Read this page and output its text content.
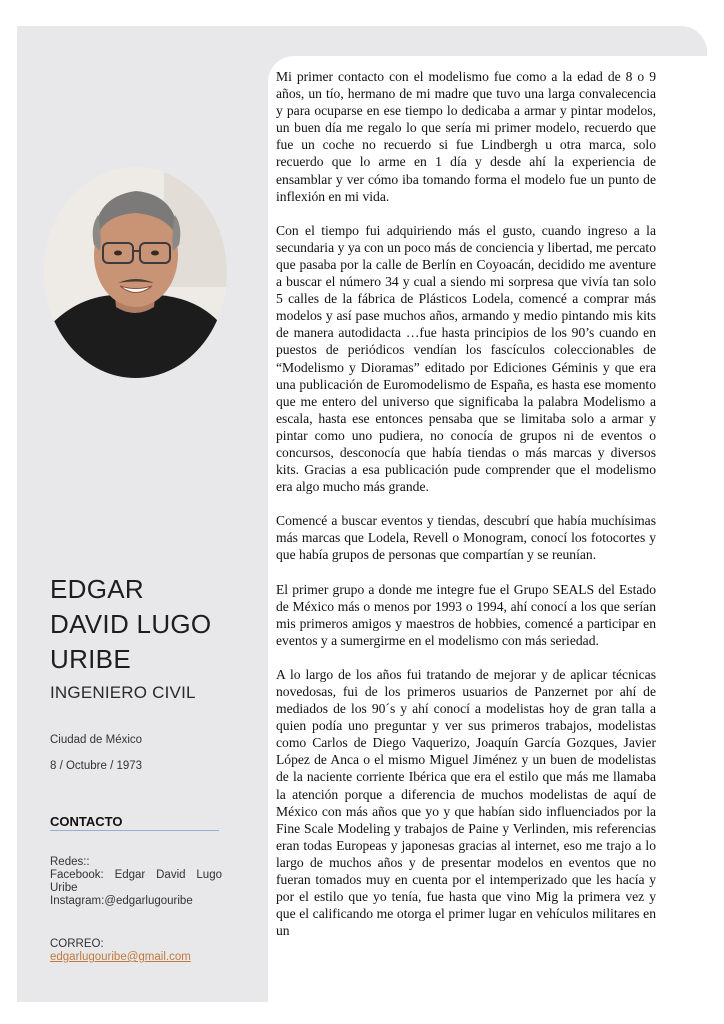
EDGAR
DAVID LUGO
URIBE
INGENIERO CIVIL
Ciudad de México
8 / Octubre / 1973
CONTACTO
Redes::
Facebook: Edgar David Lugo Uribe
Instagram:@edgarlugouribe
CORREO:
edgarlugouribe@gmail.com

Mi primer contacto con el modelismo fue como a la edad de 8 o 9 años, un tío, hermano de mi madre que tuvo una larga convalecencia y para ocuparse en ese tiempo lo dedicaba a armar y pintar modelos, un buen día me regalo lo que sería mi primer modelo, recuerdo que fue un coche no recuerdo si fue Lindbergh u otra marca, solo recuerdo que lo arme en 1 día y desde ahí la experiencia de ensamblar y ver cómo iba tomando forma el modelo fue un punto de inflexión en mi vida.

Con el tiempo fui adquiriendo más el gusto, cuando ingreso a la secundaria y ya con un poco más de conciencia y libertad, me percato que pasaba por la calle de Berlín en Coyoacán, decidido me aventure a buscar el número 34 y cual a siendo mi sorpresa que vivía tan solo 5 calles de la fábrica de Plásticos Lodela, comencé a comprar más modelos y así pase muchos años, armando y medio pintando mis kits de manera autodidacta …fue hasta principios de los 90’s cuando en puestos de periódicos vendían los fascículos coleccionables de “Modelismo y Dioramas” editado por Ediciones Géminis y que era una publicación de Euromodelismo de España, es hasta ese momento que me entero del universo que significaba la palabra Modelismo a escala, hasta ese entonces pensaba que se limitaba solo a armar y pintar como uno pudiera, no conocía de grupos ni de eventos o concursos, desconocía que había tiendas o más marcas y diversos kits. Gracias a esa publicación pude comprender que el modelismo era algo mucho más grande.

Comencé a buscar eventos y tiendas, descubrí que había muchísimas más marcas que Lodela, Revell o Monogram, conocí los fotocortes y que había grupos de personas que compartían y se reunían.

El primer grupo a donde me integre fue el Grupo SEALS del Estado de México más o menos por 1993 o 1994, ahí conocí a los que serían mis primeros amigos y maestros de hobbies, comencé a participar en eventos y a sumergirme en el modelismo con más seriedad.

A lo largo de los años fui tratando de mejorar y de aplicar técnicas novedosas, fui de los primeros usuarios de Panzernet por ahí de mediados de los 90´s y ahí conocí a modelistas hoy de gran talla a quien podía uno preguntar y ver sus primeros trabajos, modelistas como Carlos de Diego Vaquerizo, Joaquín García Gozques, Javier López de Anca o el mismo Miguel Jiménez y un buen de modelistas de la naciente corriente Ibérica que era el estilo que más me llamaba la atención porque a diferencia de muchos modelistas de aquí de México con más años que yo y que habían sido influenciados por la Fine Scale Modeling y trabajos de Paine y Verlinden, mis referencias eran todas Europeas y japonesas gracias al internet, eso me trajo a lo largo de muchos años y de presentar modelos en eventos que no fueran tomados muy en cuenta por el intemperizado que les hacía y por el estilo que yo tenía, fue hasta que vino Mig la primera vez y que el calificando me otorga el primer lugar en vehículos militares en un
